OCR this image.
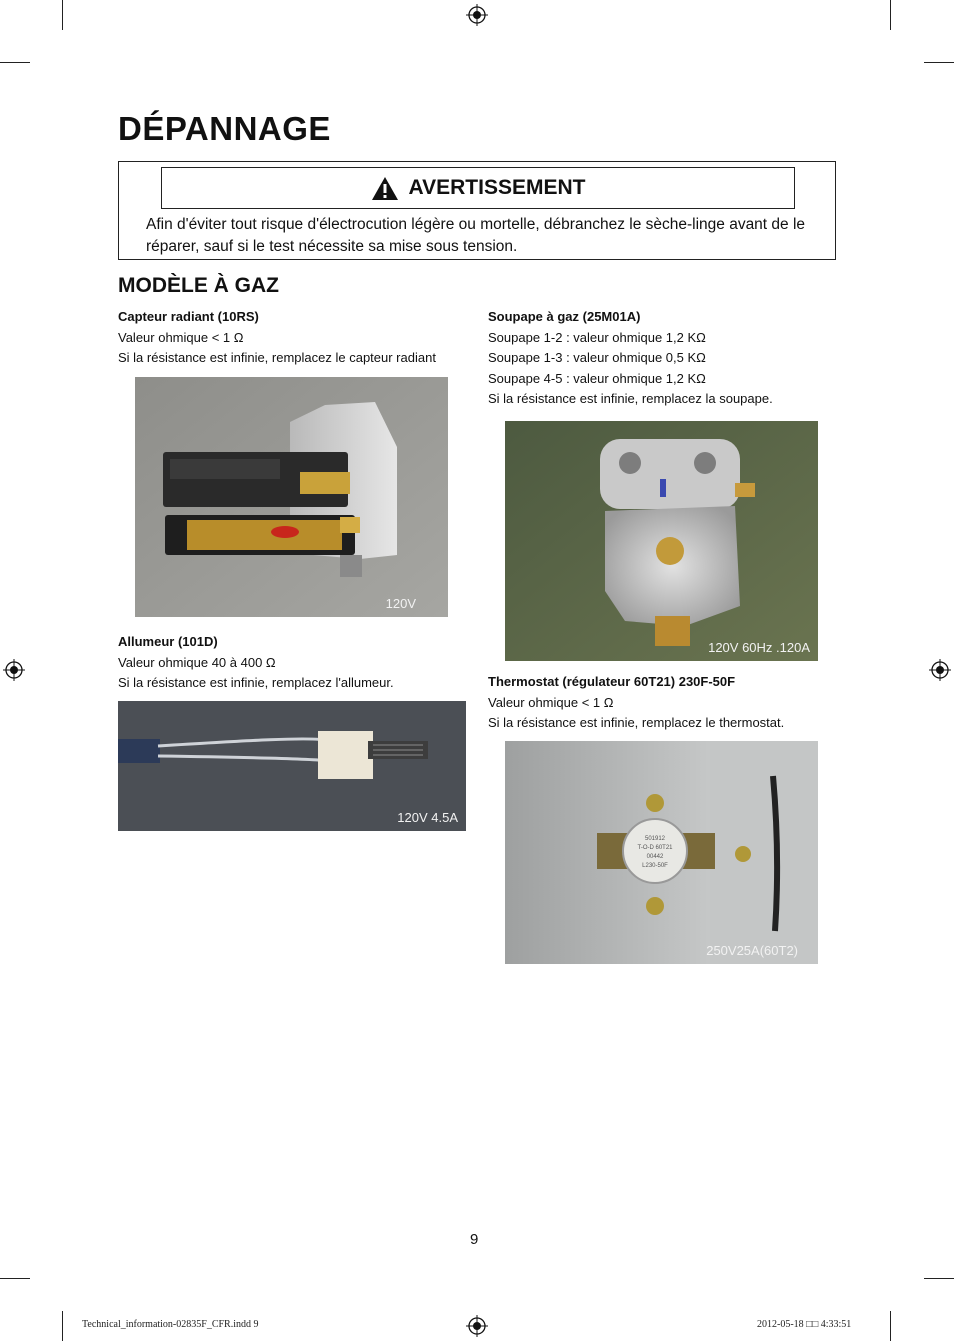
DÉPANNAGE
AVERTISSEMENT

Afin d'éviter tout risque d'électrocution légère ou mortelle, débranchez le sèche-linge avant de le réparer, sauf si le test nécessite sa mise sous tension.

MODÈLE À GAZ

Capteur radiant (10RS)

Valeur ohmique < 1 Ω

Si la résistance est infinie, remplacez le capteur radiant

120V

Allumeur (101D)

Valeur ohmique 40 à 400 Ω

Si la résistance est infinie, remplacez l'allumeur.

120V 4.5A

Soupape à gaz (25M01A)

Soupape 1-2 : valeur ohmique 1,2 KΩ

Soupape 1-3 : valeur ohmique 0,5 KΩ

Soupape 4-5 : valeur ohmique 1,2 KΩ

Si la résistance est infinie, remplacez la soupape.

120V 60Hz .120A

Thermostat (régulateur 60T21) 230F-50F

Valeur ohmique < 1 Ω

Si la résistance est infinie, remplacez le thermostat.

501912
T-O-D 60T21
00442
L230-50F
250V25A(60T2)
9
Technical_information-02835F_CFR.indd 9	2012-05-18 □□ 4:33:51
